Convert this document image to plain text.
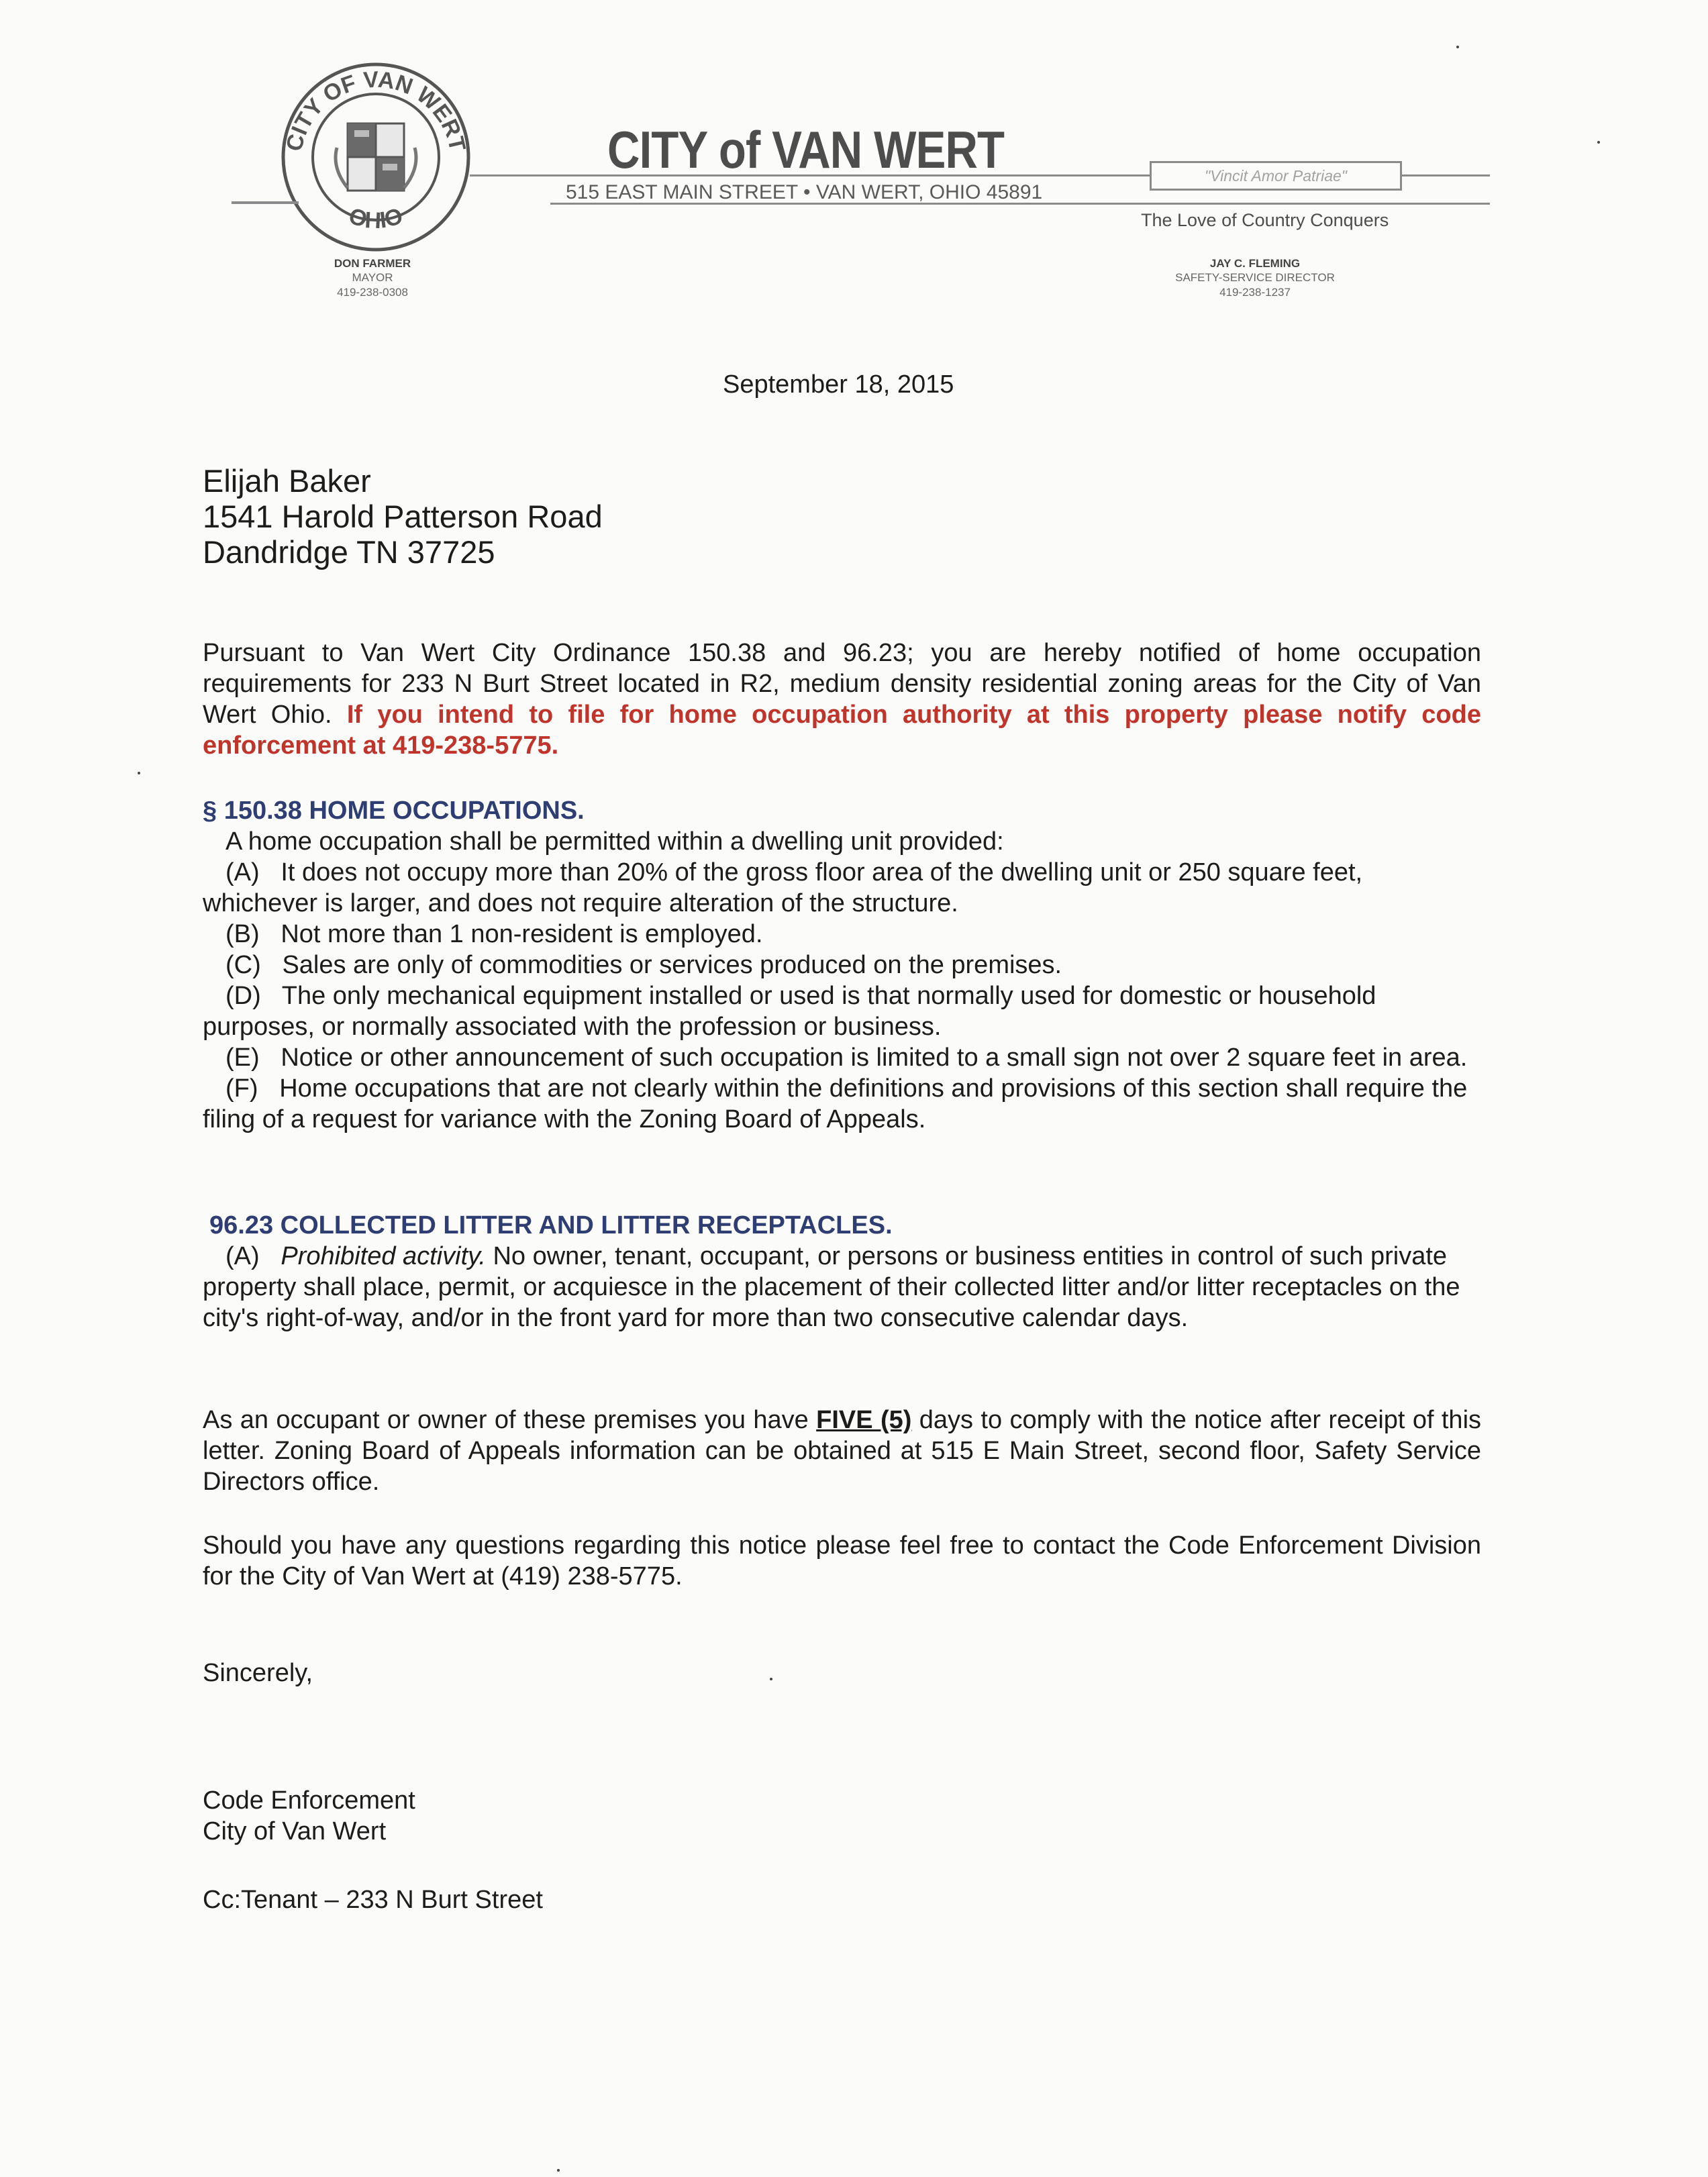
CITY OF VAN WERT
OHIO
CITY of VAN WERT
515 EAST MAIN STREET • VAN WERT, OHIO 45891
"Vincit Amor Patriae"
The Love of Country Conquers
DON FARMER
MAYOR
419-238-0308
JAY C. FLEMING
SAFETY-SERVICE DIRECTOR
419-238-1237
September 18, 2015
Elijah Baker
1541 Harold Patterson Road
Dandridge TN 37725
Pursuant to Van Wert City Ordinance 150.38 and 96.23; you are hereby notified of home occupation requirements for 233 N Burt Street located in R2, medium density residential zoning areas for the City of Van Wert Ohio. If you intend to file for home occupation authority at this property please notify code enforcement at 419-238-5775.

§ 150.38 HOME OCCUPATIONS.

A home occupation shall be permitted within a dwelling unit provided:

(A) It does not occupy more than 20% of the gross floor area of the dwelling unit or 250 square feet, whichever is larger, and does not require alteration of the structure.

(B) Not more than 1 non-resident is employed.

(C) Sales are only of commodities or services produced on the premises.

(D) The only mechanical equipment installed or used is that normally used for domestic or household purposes, or normally associated with the profession or business.

(E) Notice or other announcement of such occupation is limited to a small sign not over 2 square feet in area.

(F) Home occupations that are not clearly within the definitions and provisions of this section shall require the filing of a request for variance with the Zoning Board of Appeals.

96.23 COLLECTED LITTER AND LITTER RECEPTACLES.

(A) Prohibited activity. No owner, tenant, occupant, or persons or business entities in control of such private property shall place, permit, or acquiesce in the placement of their collected litter and/or litter receptacles on the city's right-of-way, and/or in the front yard for more than two consecutive calendar days.

As an occupant or owner of these premises you have FIVE (5) days to comply with the notice after receipt of this letter. Zoning Board of Appeals information can be obtained at 515 E Main Street, second floor, Safety Service Directors office.
Should you have any questions regarding this notice please feel free to contact the Code Enforcement Division for the City of Van Wert at (419) 238-5775.
Sincerely,
Code Enforcement
City of Van Wert
Cc:Tenant – 233 N Burt Street
